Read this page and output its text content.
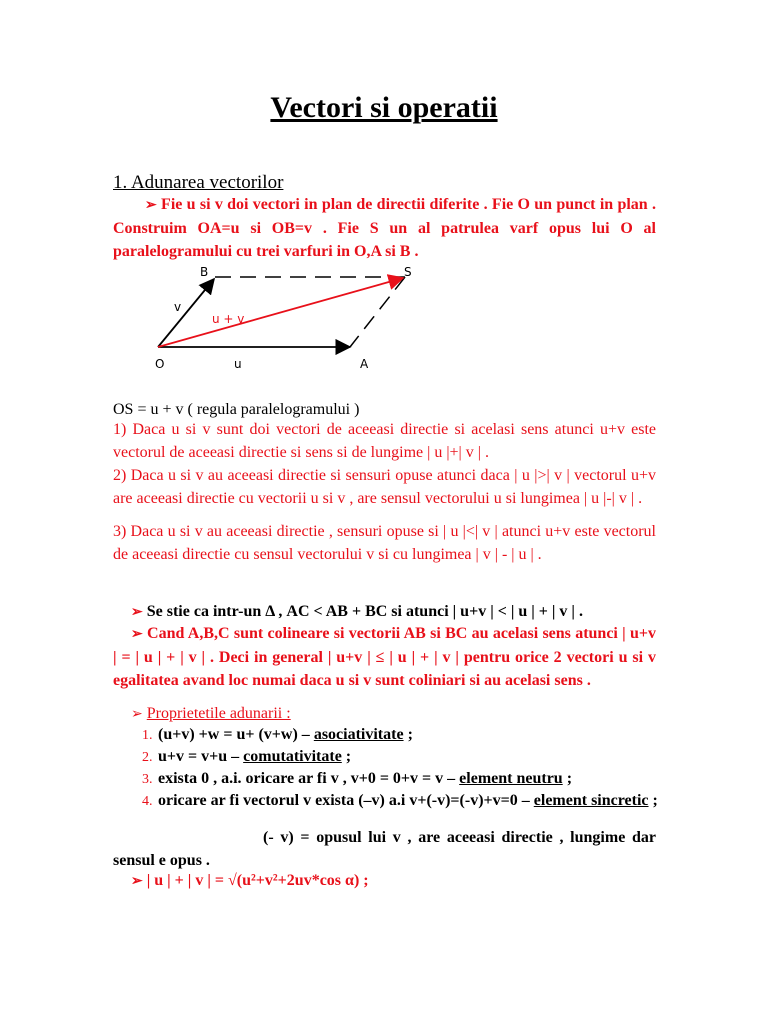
Vectori si operatii
1. Adunarea vectorilor

➢ Fie u si v doi vectori in plan de directii diferite . Fie O un punct in plan . Construim OA=u si OB=v . Fie S un al patrulea varf opus lui O al paralelogramului cu trei varfuri in O,A si B .

B	S
O	A
v
u
u + v

OS = u + v ( regula paralelogramului )

1) Daca u si v sunt doi vectori de aceeasi directie si acelasi sens atunci u+v este vectorul de aceeasi directie si sens si de lungime | u |+| v | .

2) Daca u si v au aceeasi directie si sensuri opuse atunci daca | u |>| v | vectorul u+v are aceeasi directie cu vectorii u si v , are sensul vectorului u si lungimea | u |-| v | .

3) Daca u si v au aceeasi directie , sensuri opuse si | u |<| v | atunci u+v este vectorul de aceeasi directie cu sensul vectorului v si cu lungimea | v | - | u | .

➢ Se stie ca intr-un Δ , AC < AB + BC si atunci | u+v | < | u | + | v | .

➢ Cand A,B,C sunt colineare si vectorii AB si BC au acelasi sens atunci | u+v | = | u | + | v | . Deci in general | u+v | ≤ | u | + | v | pentru orice 2 vectori u si v egalitatea avand loc numai daca u si v sunt coliniari si au acelasi sens .

➢ Proprietetile adunarii :

1. (u+v) +w = u+ (v+w) – asociativitate ;
2. u+v = v+u – comutativitate ;
3. exista 0 , a.i. oricare ar fi v , v+0 = 0+v = v – element neutru ;
4. oricare ar fi vectorul v exista (–v) a.i v+(-v)=(-v)+v=0 – element sincretic ;

(- v) = opusul lui v , are aceeasi directie , lungime dar sensul e opus .

➢ | u | + | v | = √(u²+v²+2uv*cos α) ;
